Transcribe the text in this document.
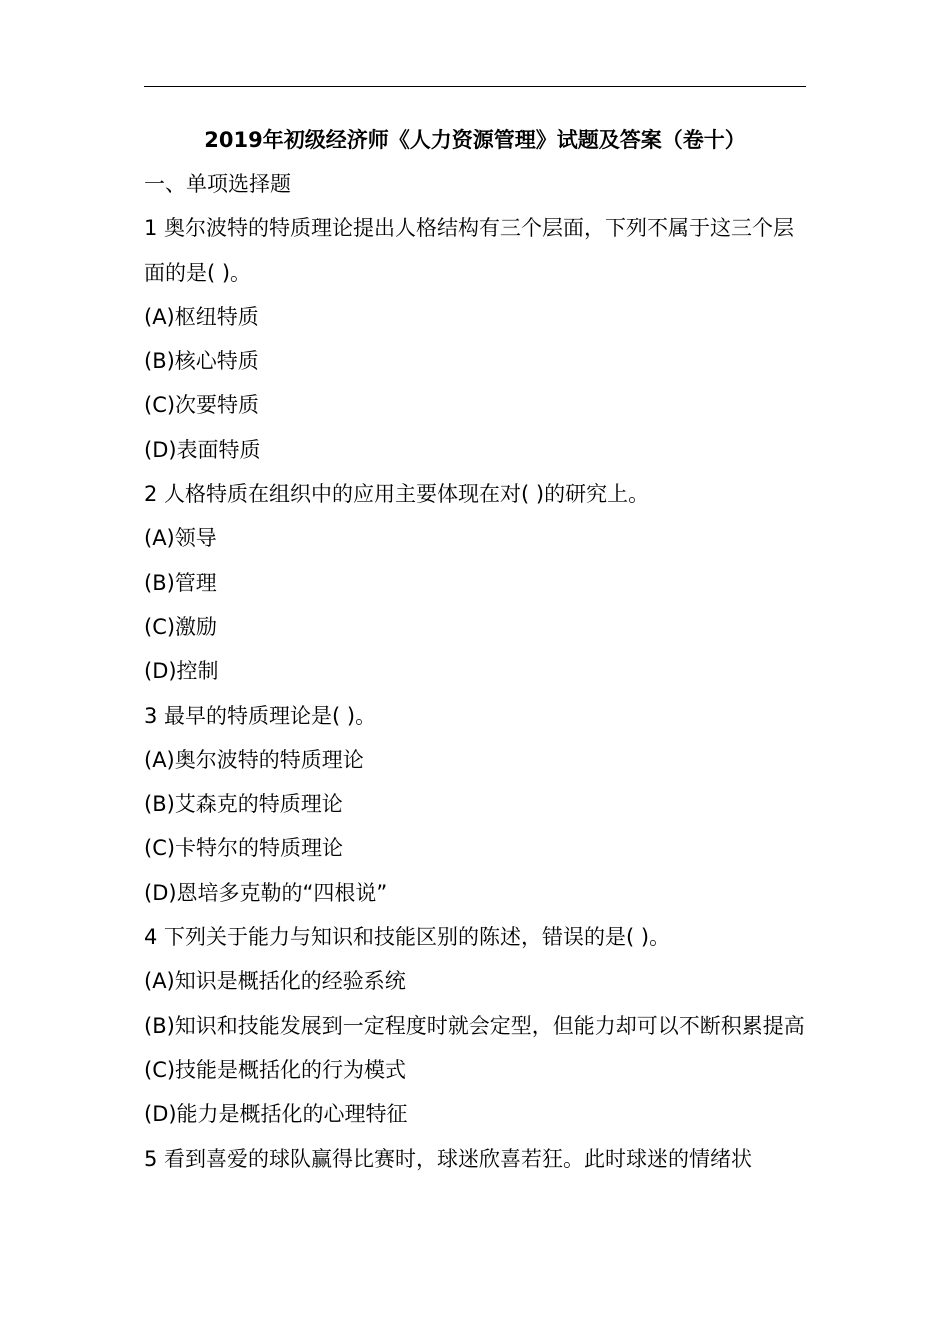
2019年初级经济师《人力资源管理》试题及答案（卷十）

一、单项选择题

1 奥尔波特的特质理论提出人格结构有三个层面，下列不属于这三个层面的是( )。

(A)枢纽特质

(B)核心特质

(C)次要特质

(D)表面特质

2 人格特质在组织中的应用主要体现在对( )的研究上。

(A)领导

(B)管理

(C)激励

(D)控制

3 最早的特质理论是( )。

(A)奥尔波特的特质理论

(B)艾森克的特质理论

(C)卡特尔的特质理论

(D)恩培多克勒的“四根说”

4 下列关于能力与知识和技能区别的陈述，错误的是( )。

(A)知识是概括化的经验系统

(B)知识和技能发展到一定程度时就会定型，但能力却可以不断积累提高

(C)技能是概括化的行为模式

(D)能力是概括化的心理特征

5 看到喜爱的球队赢得比赛时，球迷欣喜若狂。此时球迷的情绪状
